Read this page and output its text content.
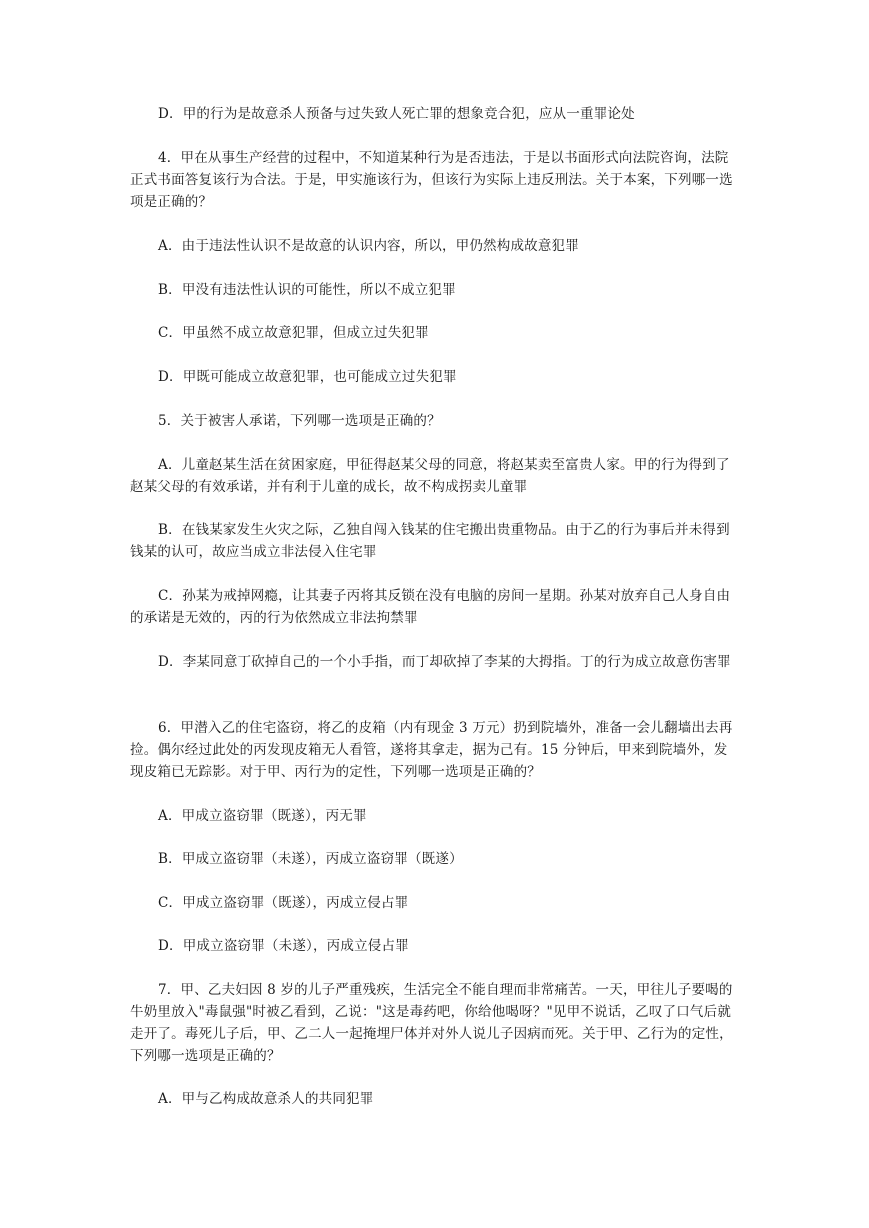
D．甲的行为是故意杀人预备与过失致人死亡罪的想象竞合犯，应从一重罪论处

4．甲在从事生产经营的过程中，不知道某种行为是否违法，于是以书面形式向法院咨询，法院正式书面答复该行为合法。于是，甲实施该行为，但该行为实际上违反刑法。关于本案，下列哪一选项是正确的？

A．由于违法性认识不是故意的认识内容，所以，甲仍然构成故意犯罪

B．甲没有违法性认识的可能性，所以不成立犯罪

C．甲虽然不成立故意犯罪，但成立过失犯罪

D．甲既可能成立故意犯罪，也可能成立过失犯罪

5．关于被害人承诺，下列哪一选项是正确的？

A．儿童赵某生活在贫困家庭，甲征得赵某父母的同意，将赵某卖至富贵人家。甲的行为得到了赵某父母的有效承诺，并有利于儿童的成长，故不构成拐卖儿童罪

B．在钱某家发生火灾之际，乙独自闯入钱某的住宅搬出贵重物品。由于乙的行为事后并未得到钱某的认可，故应当成立非法侵入住宅罪

C．孙某为戒掉网瘾，让其妻子丙将其反锁在没有电脑的房间一星期。孙某对放弃自己人身自由的承诺是无效的，丙的行为依然成立非法拘禁罪

D．李某同意丁砍掉自己的一个小手指，而丁却砍掉了李某的大拇指。丁的行为成立故意伤害罪

6．甲潜入乙的住宅盗窃，将乙的皮箱（内有现金 3 万元）扔到院墙外，准备一会儿翻墙出去再捡。偶尔经过此处的丙发现皮箱无人看管，遂将其拿走，据为己有。15 分钟后，甲来到院墙外，发现皮箱已无踪影。对于甲、丙行为的定性，下列哪一选项是正确的？

A．甲成立盗窃罪（既遂），丙无罪

B．甲成立盗窃罪（未遂），丙成立盗窃罪（既遂）

C．甲成立盗窃罪（既遂），丙成立侵占罪

D．甲成立盗窃罪（未遂），丙成立侵占罪

7．甲、乙夫妇因 8 岁的儿子严重残疾，生活完全不能自理而非常痛苦。一天，甲往儿子要喝的牛奶里放入"毒鼠强"时被乙看到，乙说："这是毒药吧，你给他喝呀？"见甲不说话，乙叹了口气后就走开了。毒死儿子后，甲、乙二人一起掩埋尸体并对外人说儿子因病而死。关于甲、乙行为的定性，下列哪一选项是正确的？

A．甲与乙构成故意杀人的共同犯罪
